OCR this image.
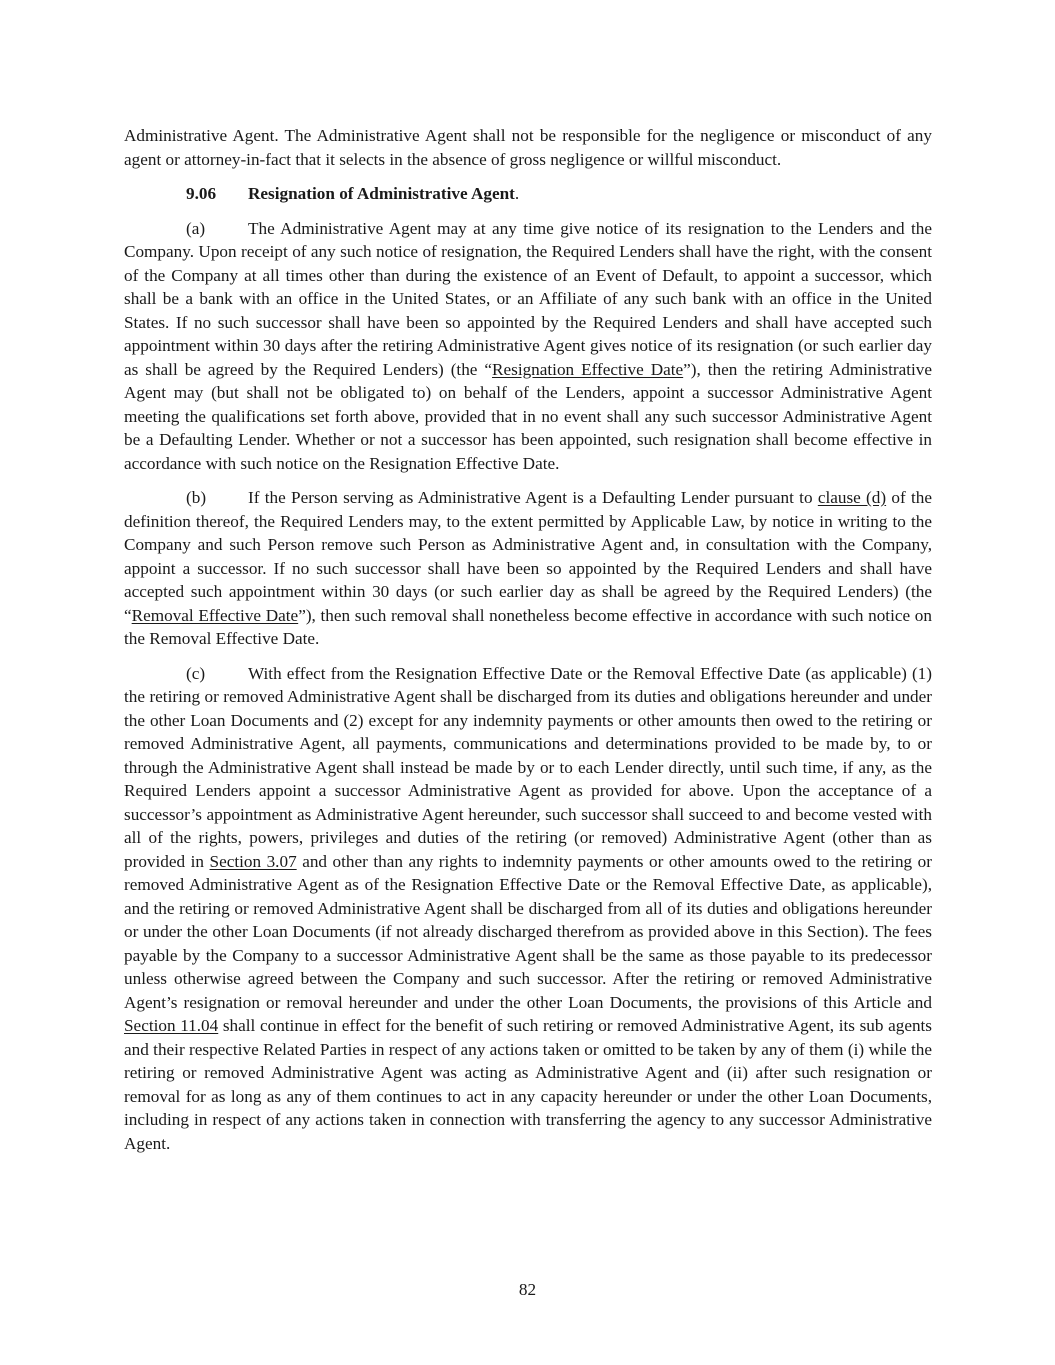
Administrative Agent. The Administrative Agent shall not be responsible for the negligence or misconduct of any agent or attorney-in-fact that it selects in the absence of gross negligence or willful misconduct.

9.06 Resignation of Administrative Agent.

(a) The Administrative Agent may at any time give notice of its resignation to the Lenders and the Company. Upon receipt of any such notice of resignation, the Required Lenders shall have the right, with the consent of the Company at all times other than during the existence of an Event of Default, to appoint a successor, which shall be a bank with an office in the United States, or an Affiliate of any such bank with an office in the United States. If no such successor shall have been so appointed by the Required Lenders and shall have accepted such appointment within 30 days after the retiring Administrative Agent gives notice of its resignation (or such earlier day as shall be agreed by the Required Lenders) (the “Resignation Effective Date”), then the retiring Administrative Agent may (but shall not be obligated to) on behalf of the Lenders, appoint a successor Administrative Agent meeting the qualifications set forth above, provided that in no event shall any such successor Administrative Agent be a Defaulting Lender. Whether or not a successor has been appointed, such resignation shall become effective in accordance with such notice on the Resignation Effective Date.

(b) If the Person serving as Administrative Agent is a Defaulting Lender pursuant to clause (d) of the definition thereof, the Required Lenders may, to the extent permitted by Applicable Law, by notice in writing to the Company and such Person remove such Person as Administrative Agent and, in consultation with the Company, appoint a successor. If no such successor shall have been so appointed by the Required Lenders and shall have accepted such appointment within 30 days (or such earlier day as shall be agreed by the Required Lenders) (the “Removal Effective Date”), then such removal shall nonetheless become effective in accordance with such notice on the Removal Effective Date.

(c) With effect from the Resignation Effective Date or the Removal Effective Date (as applicable) (1) the retiring or removed Administrative Agent shall be discharged from its duties and obligations hereunder and under the other Loan Documents and (2) except for any indemnity payments or other amounts then owed to the retiring or removed Administrative Agent, all payments, communications and determinations provided to be made by, to or through the Administrative Agent shall instead be made by or to each Lender directly, until such time, if any, as the Required Lenders appoint a successor Administrative Agent as provided for above. Upon the acceptance of a successor’s appointment as Administrative Agent hereunder, such successor shall succeed to and become vested with all of the rights, powers, privileges and duties of the retiring (or removed) Administrative Agent (other than as provided in Section 3.07 and other than any rights to indemnity payments or other amounts owed to the retiring or removed Administrative Agent as of the Resignation Effective Date or the Removal Effective Date, as applicable), and the retiring or removed Administrative Agent shall be discharged from all of its duties and obligations hereunder or under the other Loan Documents (if not already discharged therefrom as provided above in this Section). The fees payable by the Company to a successor Administrative Agent shall be the same as those payable to its predecessor unless otherwise agreed between the Company and such successor. After the retiring or removed Administrative Agent’s resignation or removal hereunder and under the other Loan Documents, the provisions of this Article and Section 11.04 shall continue in effect for the benefit of such retiring or removed Administrative Agent, its sub agents and their respective Related Parties in respect of any actions taken or omitted to be taken by any of them (i) while the retiring or removed Administrative Agent was acting as Administrative Agent and (ii) after such resignation or removal for as long as any of them continues to act in any capacity hereunder or under the other Loan Documents, including in respect of any actions taken in connection with transferring the agency to any successor Administrative Agent.

82
